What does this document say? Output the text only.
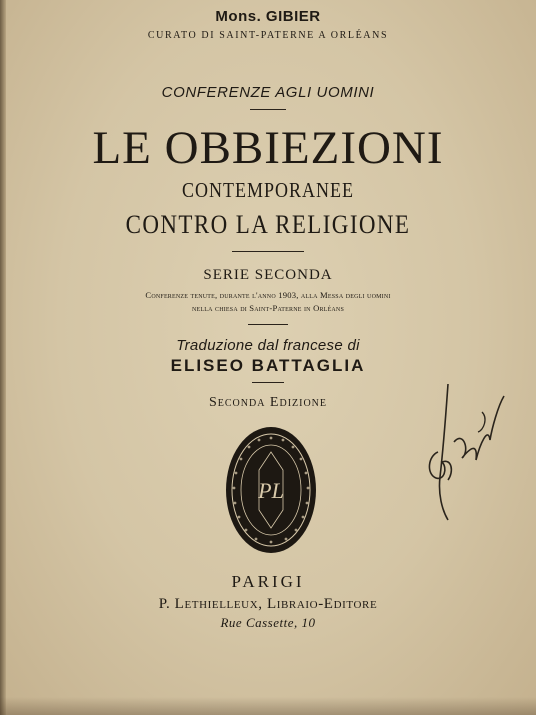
Mons. GIBIER
CURATO DI SAINT-PATERNE A ORLÉANS
CONFERENZE AGLI UOMINI
LE OBBIEZIONI
CONTEMPORANEE
CONTRO LA RELIGIONE
SERIE SECONDA
Conferenze tenute, durante l'anno 1903, alla Messa degli uomini
nella chiesa di Saint-Paterne in Orléans
Traduzione dal francese di
ELISEO BATTAGLIA
Seconda Edizione
PL
PARIGI
P. Lethielleux, Libraio-Editore
Rue Cassette, 10
